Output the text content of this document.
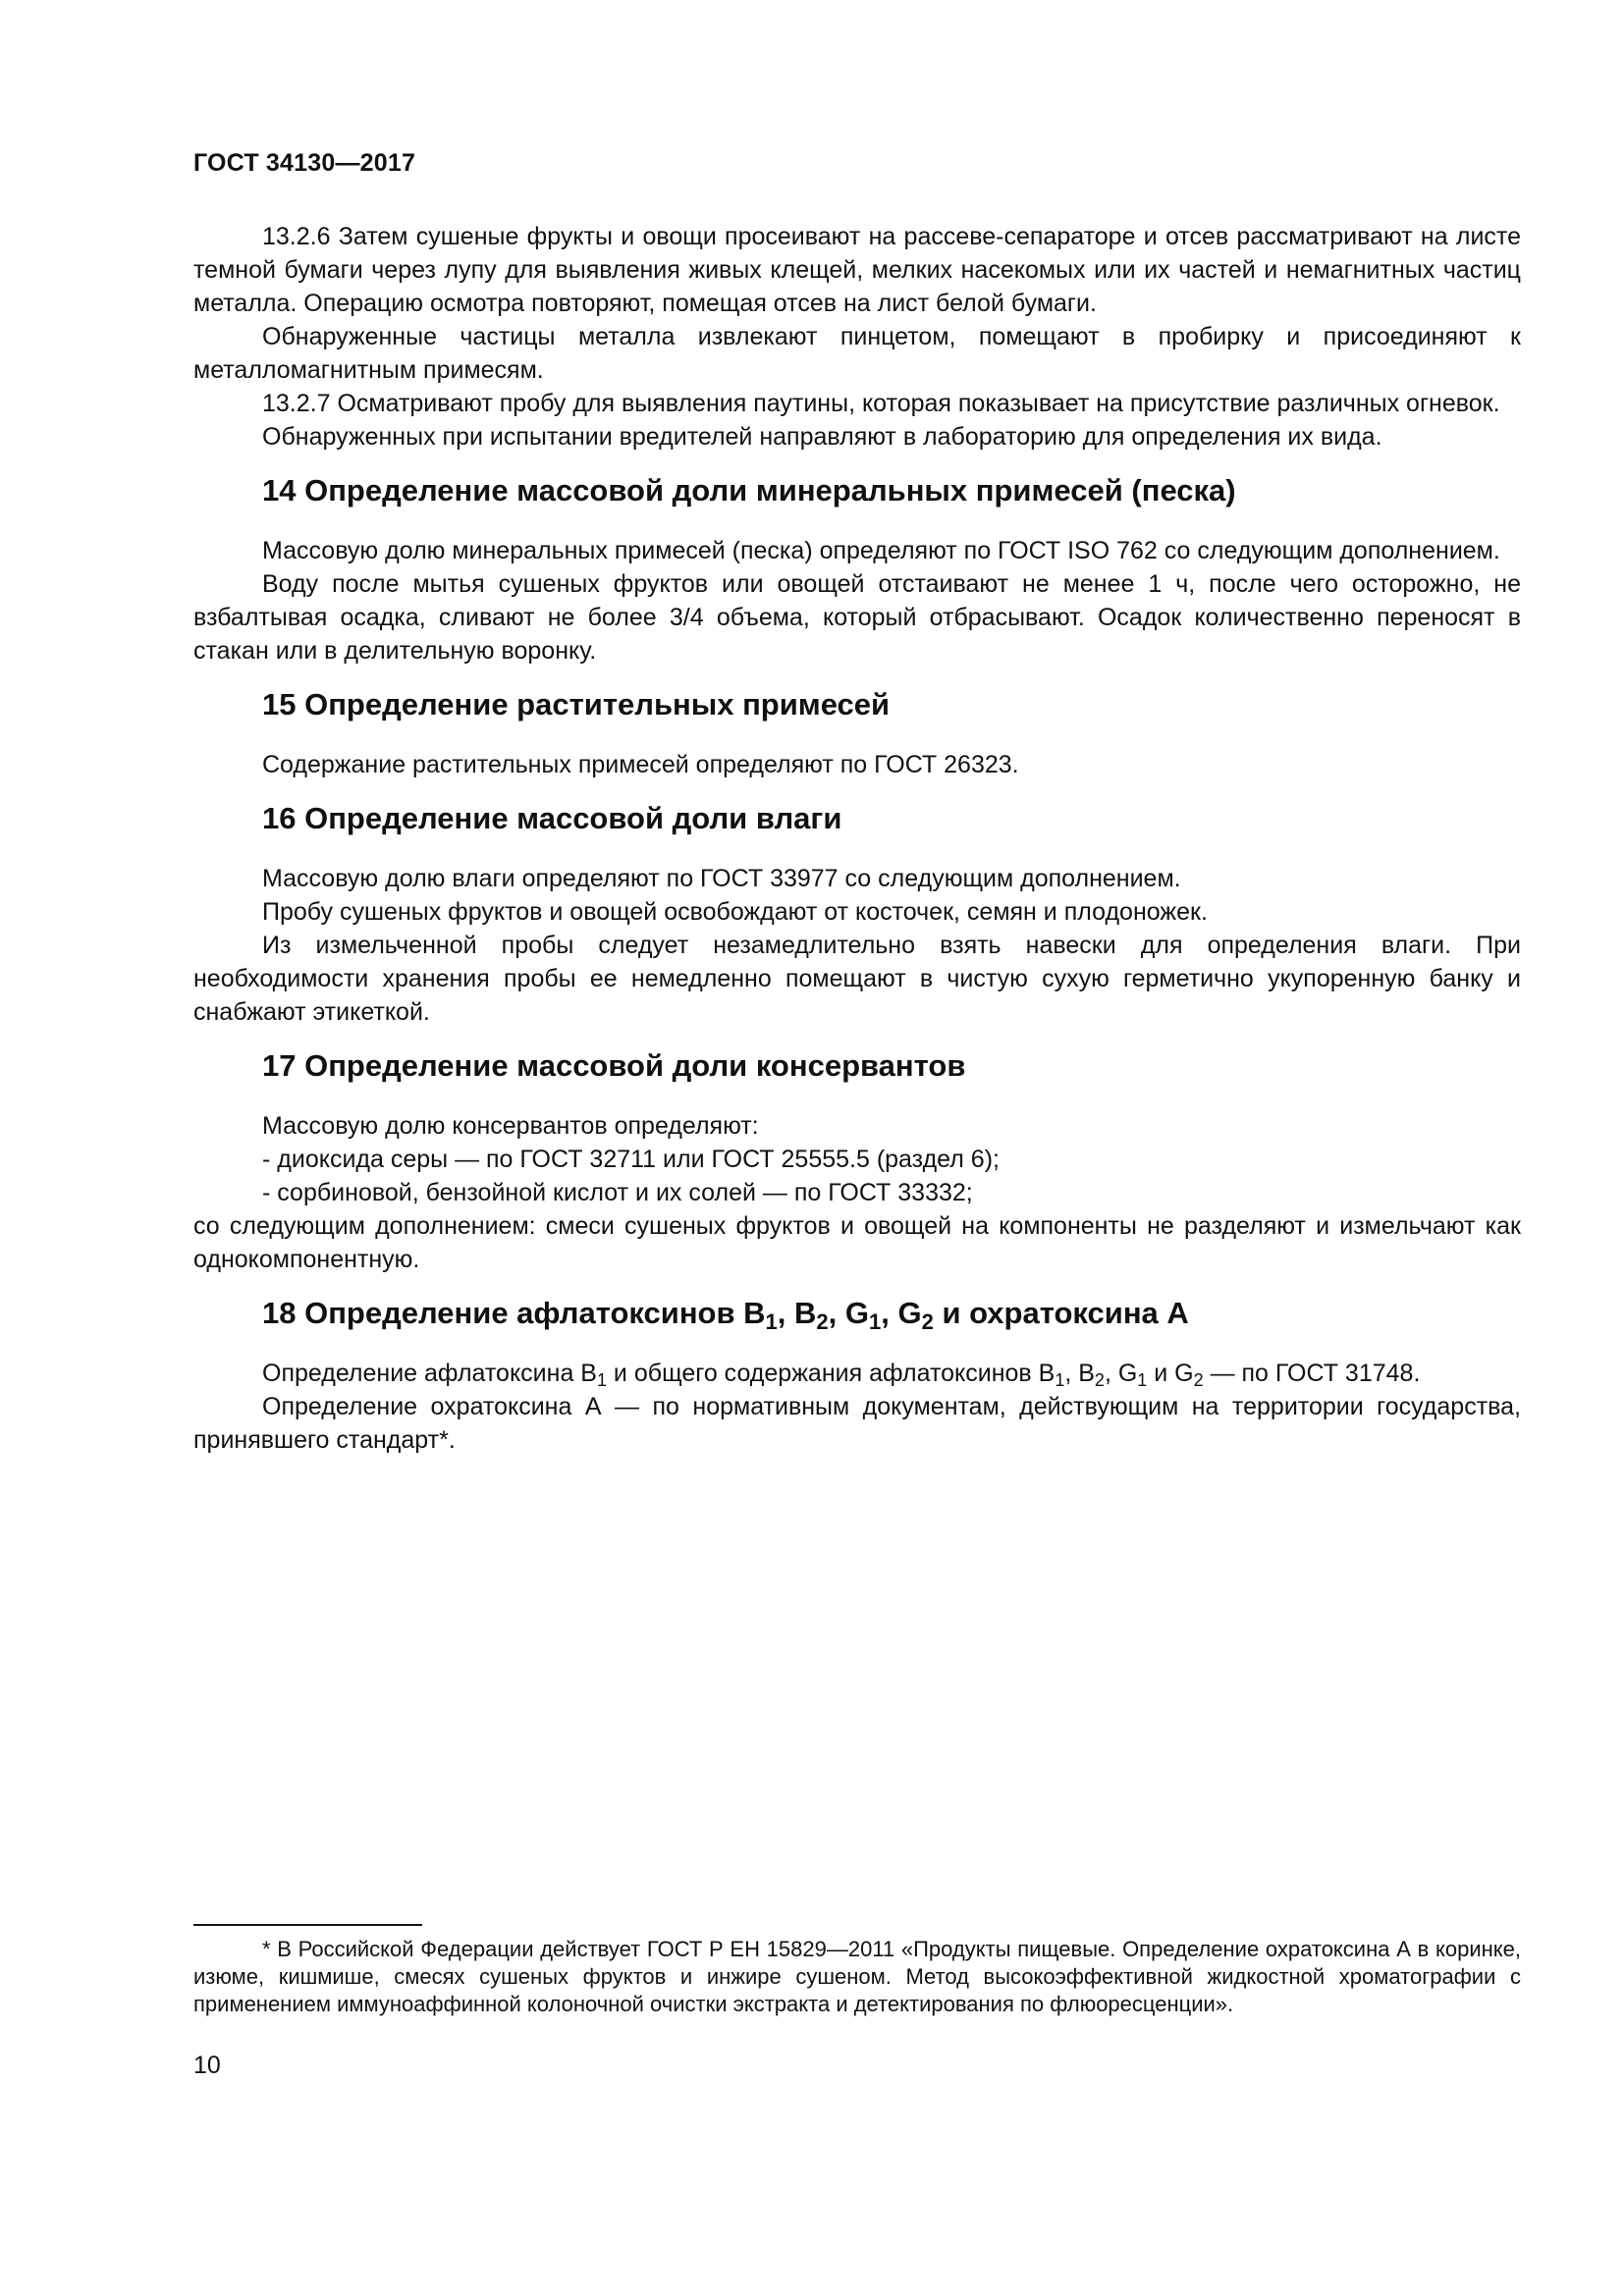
ГОСТ 34130—2017

13.2.6 Затем сушеные фрукты и овощи просеивают на рассеве-сепараторе и отсев рассматривают на листе темной бумаги через лупу для выявления живых клещей, мелких насекомых или их частей и немагнитных частиц металла. Операцию осмотра повторяют, помещая отсев на лист белой бумаги.

Обнаруженные частицы металла извлекают пинцетом, помещают в пробирку и присоединяют к металломагнитным примесям.

13.2.7 Осматривают пробу для выявления паутины, которая показывает на присутствие различных огневок.

Обнаруженных при испытании вредителей направляют в лабораторию для определения их вида.

14 Определение массовой доли минеральных примесей (песка)

Массовую долю минеральных примесей (песка) определяют по ГОСТ ISO 762 со следующим дополнением.

Воду после мытья сушеных фруктов или овощей отстаивают не менее 1 ч, после чего осторожно, не взбалтывая осадка, сливают не более 3/4 объема, который отбрасывают. Осадок количественно переносят в стакан или в делительную воронку.

15 Определение растительных примесей

Содержание растительных примесей определяют по ГОСТ 26323.

16 Определение массовой доли влаги

Массовую долю влаги определяют по ГОСТ 33977 со следующим дополнением.

Пробу сушеных фруктов и овощей освобождают от косточек, семян и плодоножек.

Из измельченной пробы следует незамедлительно взять навески для определения влаги. При необходимости хранения пробы ее немедленно помещают в чистую сухую герметично укупоренную банку и снабжают этикеткой.

17 Определение массовой доли консервантов

Массовую долю консервантов определяют:

- диоксида серы — по ГОСТ 32711 или ГОСТ 25555.5 (раздел 6);

- сорбиновой, бензойной кислот и их солей — по ГОСТ 33332;

со следующим дополнением: смеси сушеных фруктов и овощей на компоненты не разделяют и измельчают как однокомпонентную.

18 Определение афлатоксинов $B_1$, $B_2$, $G_1$, $G_2$ и охратоксина А

Определение афлатоксина $B_1$ и общего содержания афлатоксинов $B_1$, $B_2$, $G_1$ и $G_2$ — по ГОСТ 31748.

Определение охратоксина А — по нормативным документам, действующим на территории государства, принявшего стандарт*.

* В Российской Федерации действует ГОСТ Р ЕН 15829—2011 «Продукты пищевые. Определение охратоксина А в коринке, изюме, кишмише, смесях сушеных фруктов и инжире сушеном. Метод высокоэффективной жидкостной хроматографии с применением иммуноаффинной колоночной очистки экстракта и детектирования по флюоресценции».
10
